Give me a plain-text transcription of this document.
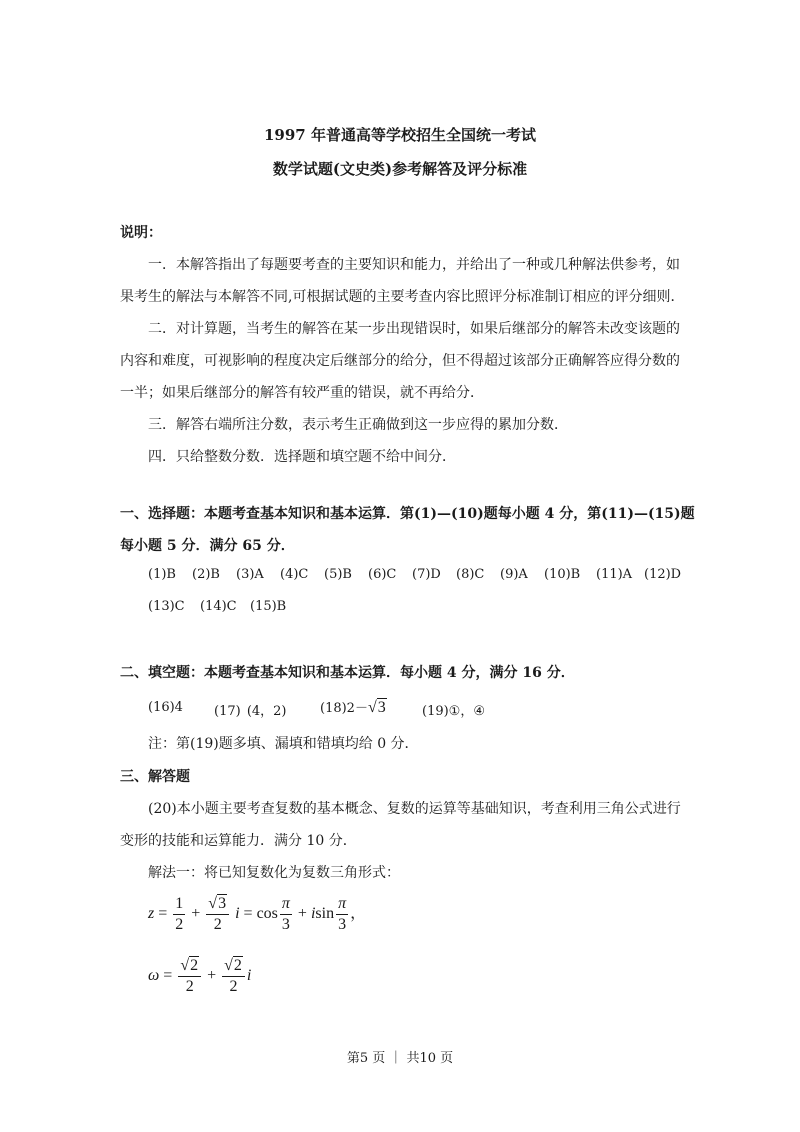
1997 年普通高等学校招生全国统一考试
数学试题(文史类)参考解答及评分标准
说明：
一．本解答指出了每题要考查的主要知识和能力，并给出了一种或几种解法供参考，如
果考生的解法与本解答不同,可根据试题的主要考查内容比照评分标准制订相应的评分细则．
二．对计算题，当考生的解答在某一步出现错误时，如果后继部分的解答未改变该题的
内容和难度，可视影响的程度决定后继部分的给分，但不得超过该部分正确解答应得分数的
一半；如果后继部分的解答有较严重的错误，就不再给分．
三．解答右端所注分数，表示考生正确做到这一步应得的累加分数．
四．只给整数分数．选择题和填空题不给中间分．
一、选择题：本题考查基本知识和基本运算．第(1)—(10)题每小题 4 分，第(11)—(15)题
每小题 5 分．满分 65 分．
(1)B (2)B (3)A (4)C (5)B (6)C (7)D (8)C (9)A (10)B (11)A (12)D
(13)C (14)C (15)B
二、填空题：本题考查基本知识和基本运算．每小题 4 分，满分 16 分．
(16)4 (17) (4，2)	(18)2－√3	(19)①，④
注：第(19)题多填、漏填和错填均给 0 分．
三、解答题
(20)本小题主要考查复数的基本概念、复数的运算等基础知识，考查利用三角公式进行
变形的技能和运算能力．满分 10 分．
解法一：将已知复数化为复数三角形式：
$z = \frac{1}{2} + \frac{√3}{2}$ $i = \cos \frac{\pi}{3} + isin \frac{\pi}{3}$ ，
$\omega = \frac{√2}{2} + \frac{√2}{2}$ i
第5 页 ｜ 共10 页
